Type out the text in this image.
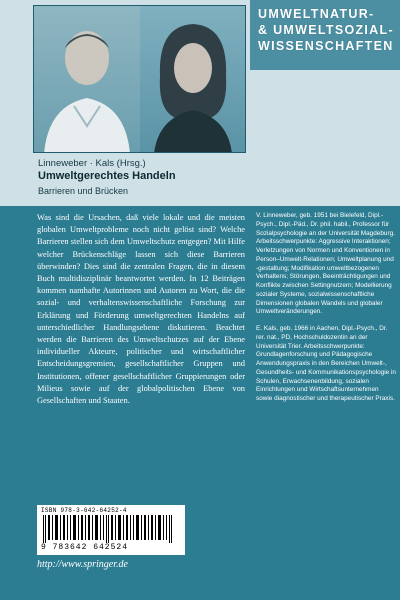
UMWELTNATUR-
& UMWELTSOZIAL-
WISSENSCHAFTEN
Linneweber · Kals (Hrsg.)
Umweltgerechtes Handeln
Barrieren und Brücken

Was sind die Ursachen, daß viele lokale und die meisten globalen Umweltprobleme noch nicht gelöst sind? Welche Barrieren stellen sich dem Umweltschutz entgegen? Mit Hilfe welcher Brückenschläge lassen sich diese Barrieren überwinden? Dies sind die zentralen Fragen, die in diesem Buch multidisziplinär beantwortet werden. In 12 Beiträgen kommen namhafte Autorinnen und Autoren zu Wort, die die sozial- und verhaltenswissenschaftliche Forschung zur Erklärung und Förderung umweltgerechten Handelns auf unterschiedlicher Handlungsebene diskutieren. Beachtet werden die Barrieren des Umweltschutzes auf der Ebene individueller Akteure, politischer und wirtschaftlicher Entscheidungsgremien, gesellschaftlicher Gruppen und Institutionen, offener gesellschaftlicher Gruppierungen oder Milieus sowie auf der globalpolitischen Ebene von Gesellschaften und Staaten.

V. Linneweber, geb. 1951 bei Bielefeld, Dipl.-Psych., Dipl.-Päd., Dr. phil. habil., Professor für Sozialpsychologie an der Universität Magdeburg. Arbeitsschwerpunkte: Aggressive Interaktionen; Verletzungen von Normen und Konventionen in Person–Umwelt-Relationen; Umweltplanung und -gestaltung; Modifikation umweltbezogenen Verhaltens; Störungen, Beeinträchtigungen und Konflikte zwischen Settingnutzern; Modellierung sozialer Systeme, sozialwissenschaftliche Dimensionen globalen Wandels und globaler Umweltveränderungen.

E. Kals, geb. 1966 in Aachen, Dipl.-Psych., Dr. rer. nat., PD, Hochschuldozentin an der Universität Trier. Arbeitsschwerpunkte: Grundlagenforschung und Pädagogische Anwendungspraxis in den Bereichen Umwelt-, Gesundheits- und Kommunikationspsychologie in Schulen, Erwachsenenbildung, sozialen Einrichtungen und Wirtschaftsunternehmen sowie diagnostischer und therapeutischer Praxis.

ISBN 978-3-642-64252-4
9 783642 642524
http://www.springer.de
